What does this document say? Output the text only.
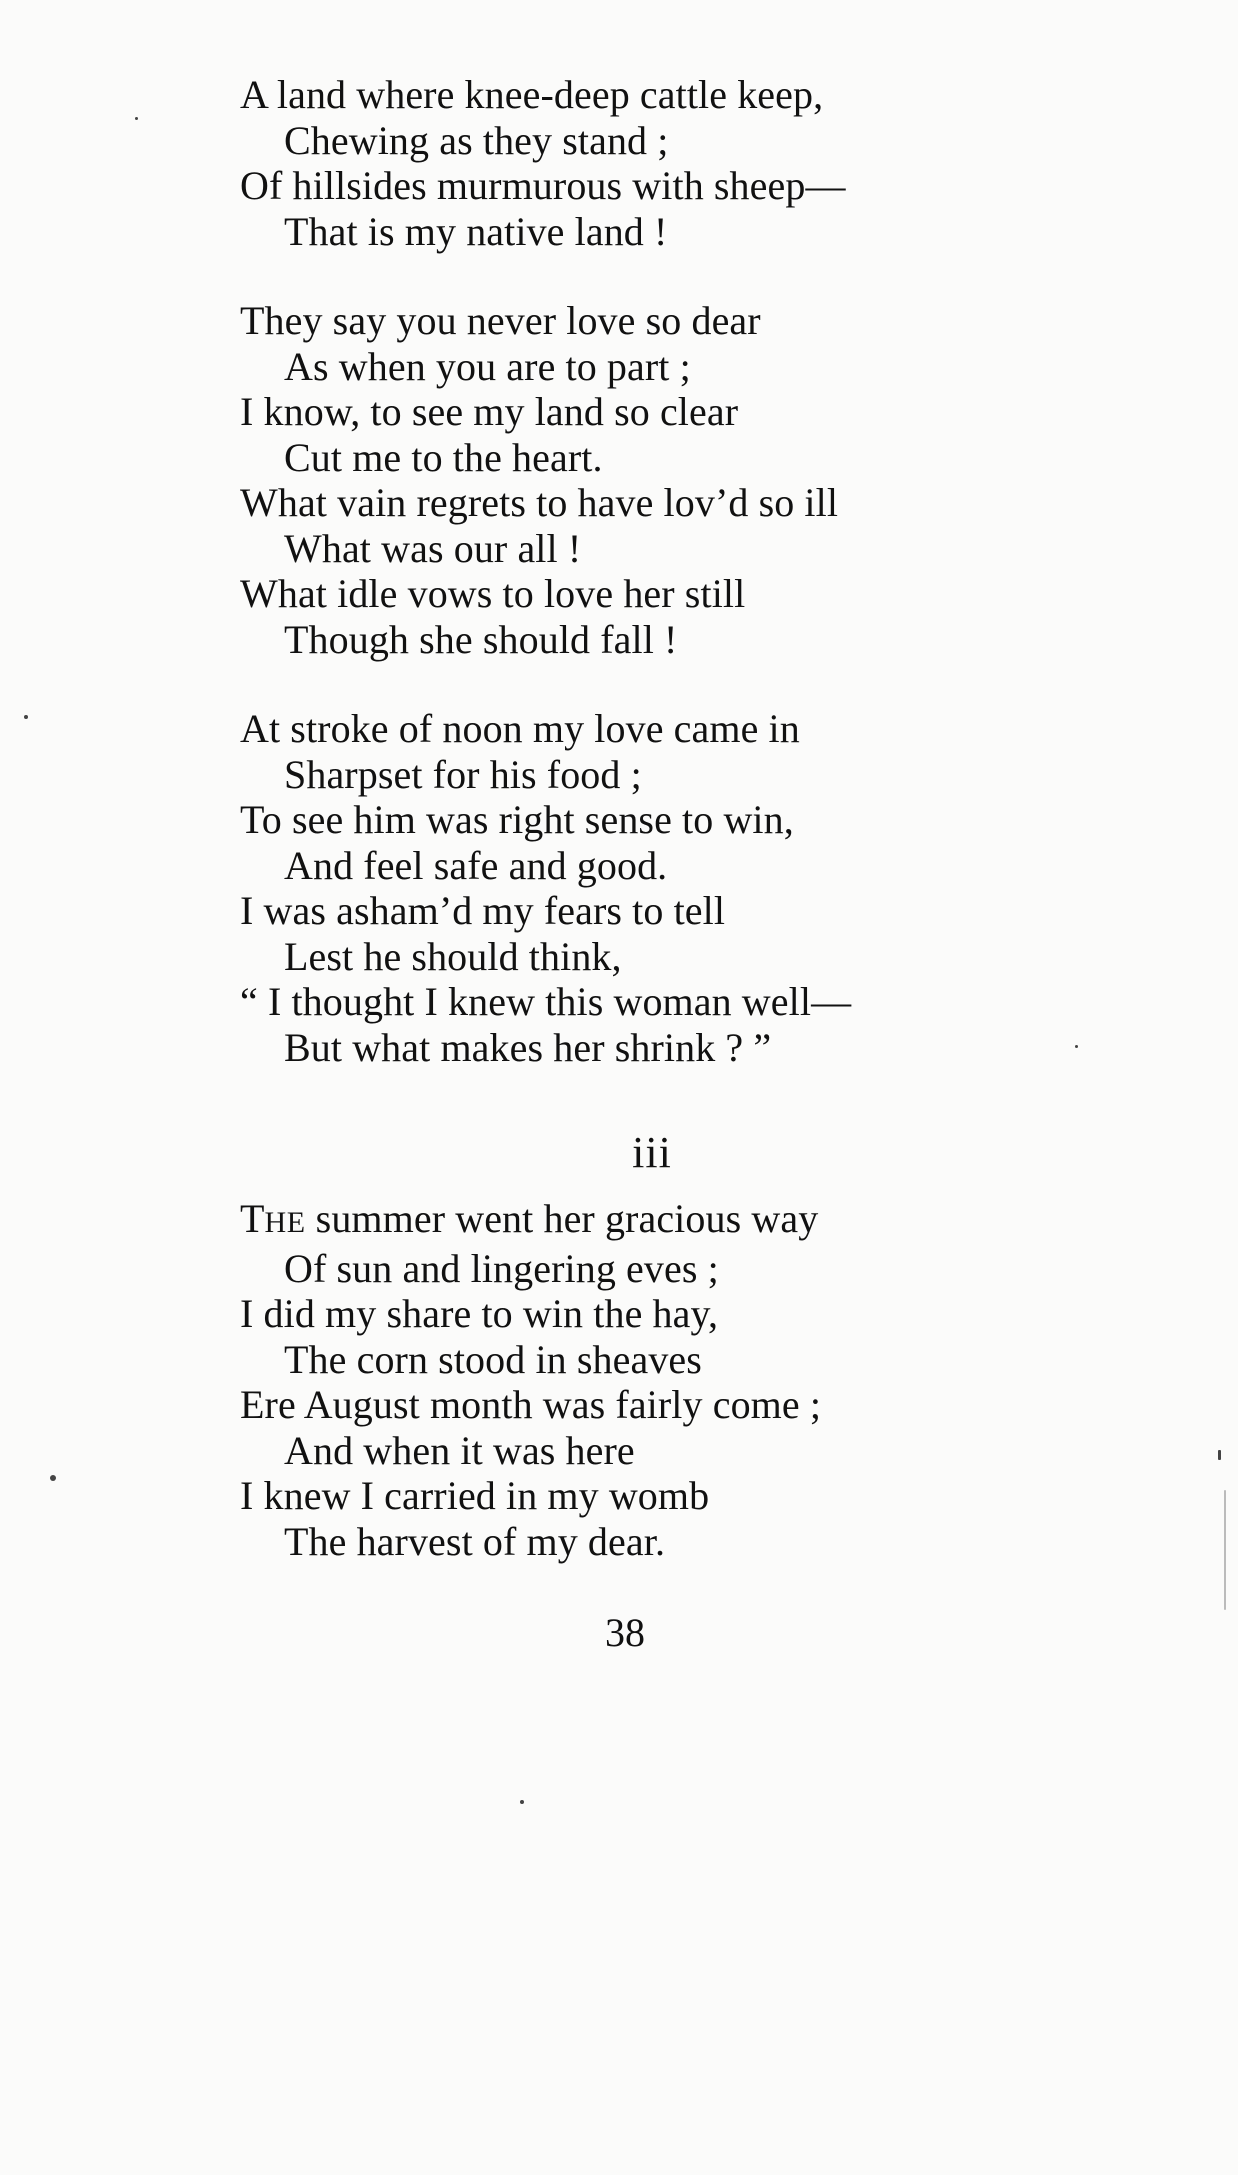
A land where knee-deep cattle keep,
Chewing as they stand ;
Of hillsides murmurous with sheep—
That is my native land !
They say you never love so dear
As when you are to part ;
I know, to see my land so clear
Cut me to the heart.
What vain regrets to have lov’d so ill
What was our all !
What idle vows to love her still
Though she should fall !
At stroke of noon my love came in
Sharpset for his food ;
To see him was right sense to win,
And feel safe and good.
I was asham’d my fears to tell
Lest he should think,
“ I thought I knew this woman well—
But what makes her shrink ? ”
iii
THE summer went her gracious way
Of sun and lingering eves ;
I did my share to win the hay,
The corn stood in sheaves
Ere August month was fairly come ;
And when it was here
I knew I carried in my womb
The harvest of my dear.
38
